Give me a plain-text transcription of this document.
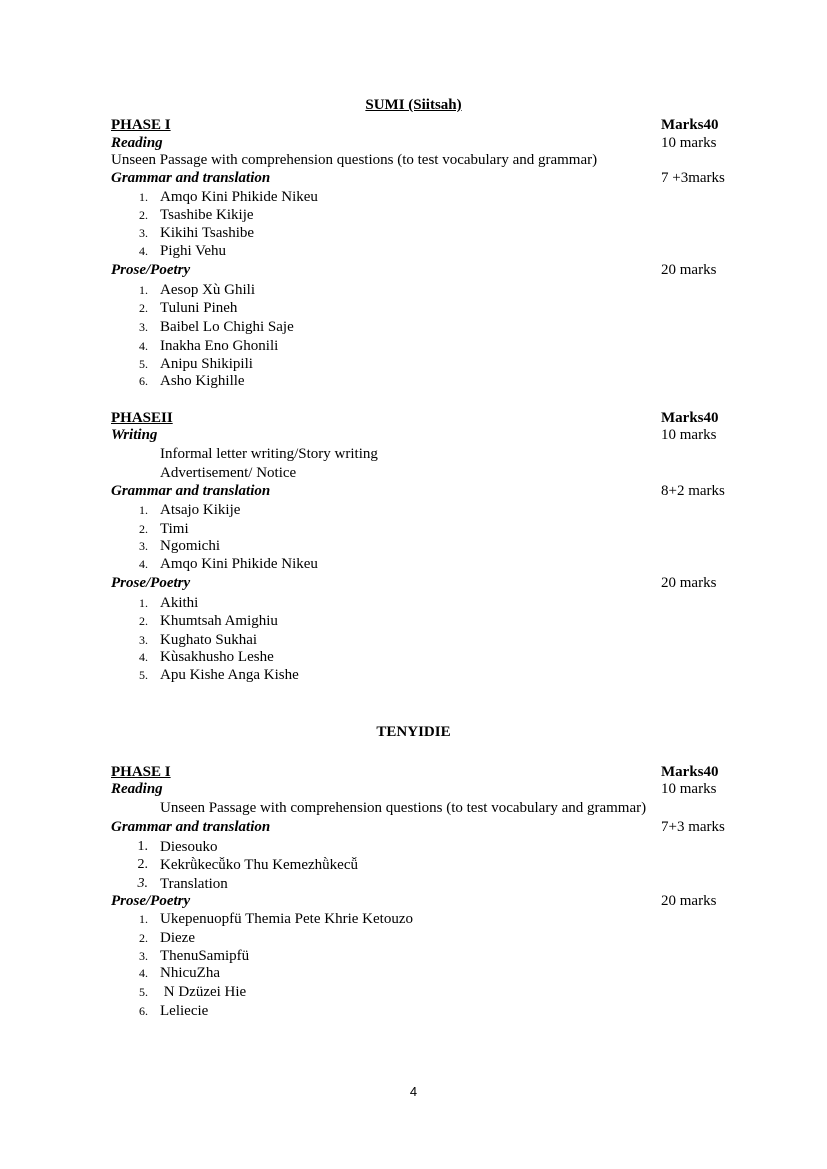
SUMI (Siitsah)
PHASE I	Marks40
Reading	10 marks
Unseen Passage with comprehension questions (to test vocabulary and grammar)
Grammar and translation	7 +3marks
1. Amqo Kini Phikide Nikeu
2. Tsashibe Kikije
3. Kikihi Tsashibe
4. Pighi Vehu
Prose/Poetry	20 marks
1. Aesop Xù Ghili
2. Tuluni Pineh
3. Baibel Lo Chighi Saje
4. Inakha Eno Ghonili
5. Anipu Shikipili
6. Asho Kighille
PHASEII	Marks40
Writing	10 marks
Informal letter writing/Story writing
Advertisement/ Notice
Grammar and translation	8+2 marks
1. Atsajo Kikije
2. Timi
3. Ngomichi
4. Amqo Kini Phikide Nikeu
Prose/Poetry	20 marks
1. Akithi
2. Khumtsah Amighiu
3. Kughato Sukhai
4. Kùsakhusho Leshe
5. Apu Kishe Anga Kishe
TENYIDIE
PHASE I	Marks40
Reading	10 marks
Unseen Passage with comprehension questions (to test vocabulary and grammar)
Grammar and translation	7+3 marks
1. Diesouko
2. Kekrǜkecǚko Thu Kemezhǜkecǚ
3. Translation
Prose/Poetry	20 marks
1. Ukepenuopfü Themia Pete Khrie Ketouzo
2. Dieze
3. ThenuSamipfü
4. NhicuZha
5. N Dzüzei Hie
6. Leliecie
4
